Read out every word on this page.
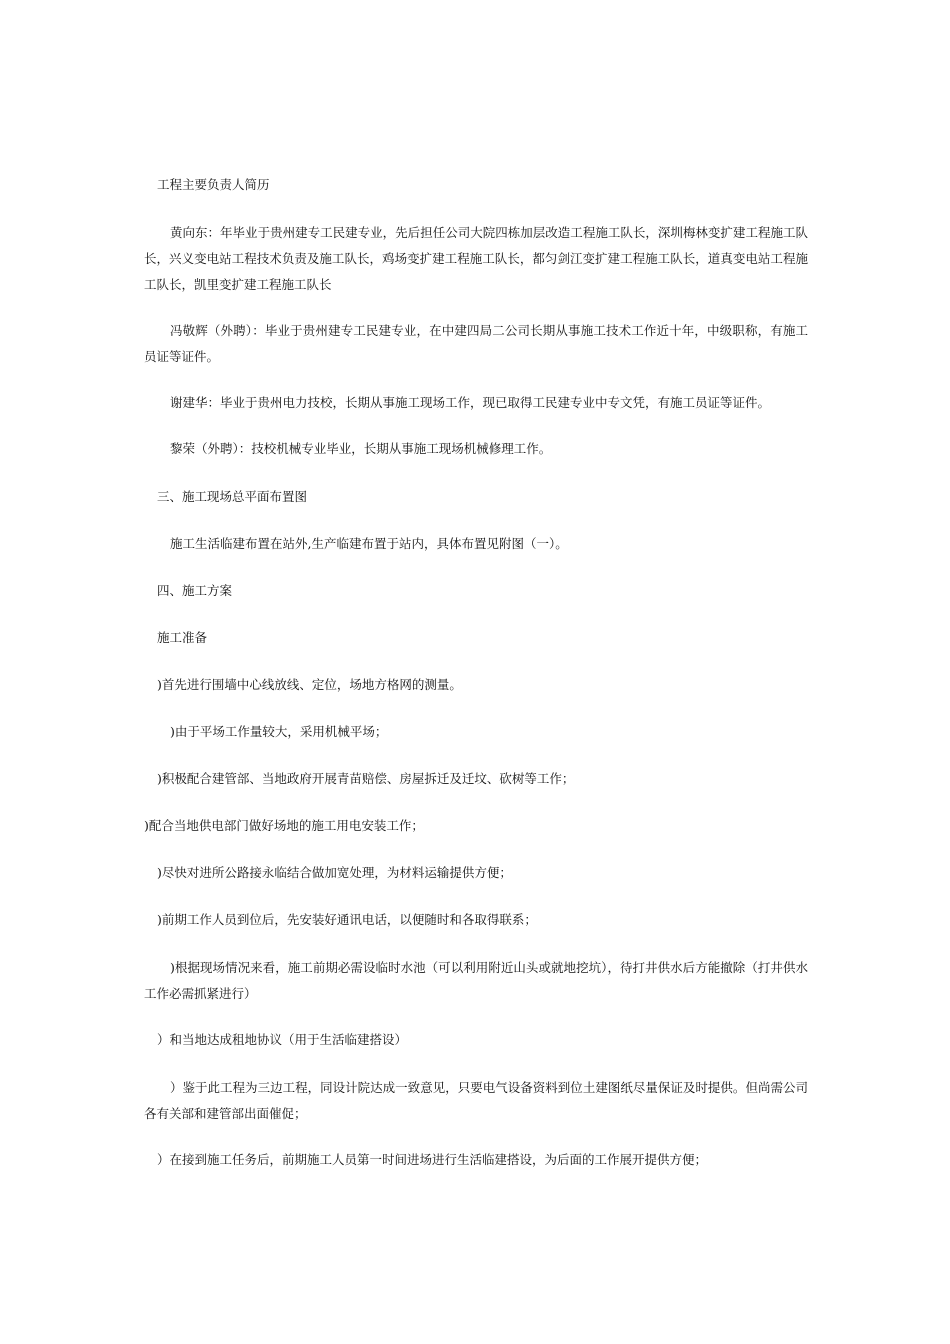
工程主要负责人简历

黄向东：年毕业于贵州建专工民建专业，先后担任公司大院四栋加层改造工程施工队长，深圳梅林变扩建工程施工队长，兴义变电站工程技术负责及施工队长，鸡场变扩建工程施工队长，都匀剑江变扩建工程施工队长，道真变电站工程施工队长，凯里变扩建工程施工队长

冯敬辉（外聘）：毕业于贵州建专工民建专业，在中建四局二公司长期从事施工技术工作近十年，中级职称，有施工员证等证件。

谢建华：毕业于贵州电力技校，长期从事施工现场工作，现已取得工民建专业中专文凭，有施工员证等证件。

黎荣（外聘）：技校机械专业毕业，长期从事施工现场机械修理工作。

三、施工现场总平面布置图

施工生活临建布置在站外,生产临建布置于站内，具体布置见附图（一）。

四、施工方案

施工准备

)首先进行围墙中心线放线、定位，场地方格网的测量。

)由于平场工作量较大，采用机械平场；

)积极配合建管部、当地政府开展青苗赔偿、房屋拆迁及迁坟、砍树等工作；

)配合当地供电部门做好场地的施工用电安装工作；

)尽快对进所公路接永临结合做加宽处理，为材料运输提供方便；

)前期工作人员到位后，先安装好通讯电话，以便随时和各取得联系；

)根据现场情况来看，施工前期必需设临时水池（可以利用附近山头或就地挖坑），待打井供水后方能撤除（打井供水工作必需抓紧进行）

）和当地达成租地协议（用于生活临建搭设）

）鉴于此工程为三边工程，同设计院达成一致意见，只要电气设备资料到位土建图纸尽量保证及时提供。但尚需公司各有关部和建管部出面催促；

）在接到施工任务后，前期施工人员第一时间进场进行生活临建搭设，为后面的工作展开提供方便；
